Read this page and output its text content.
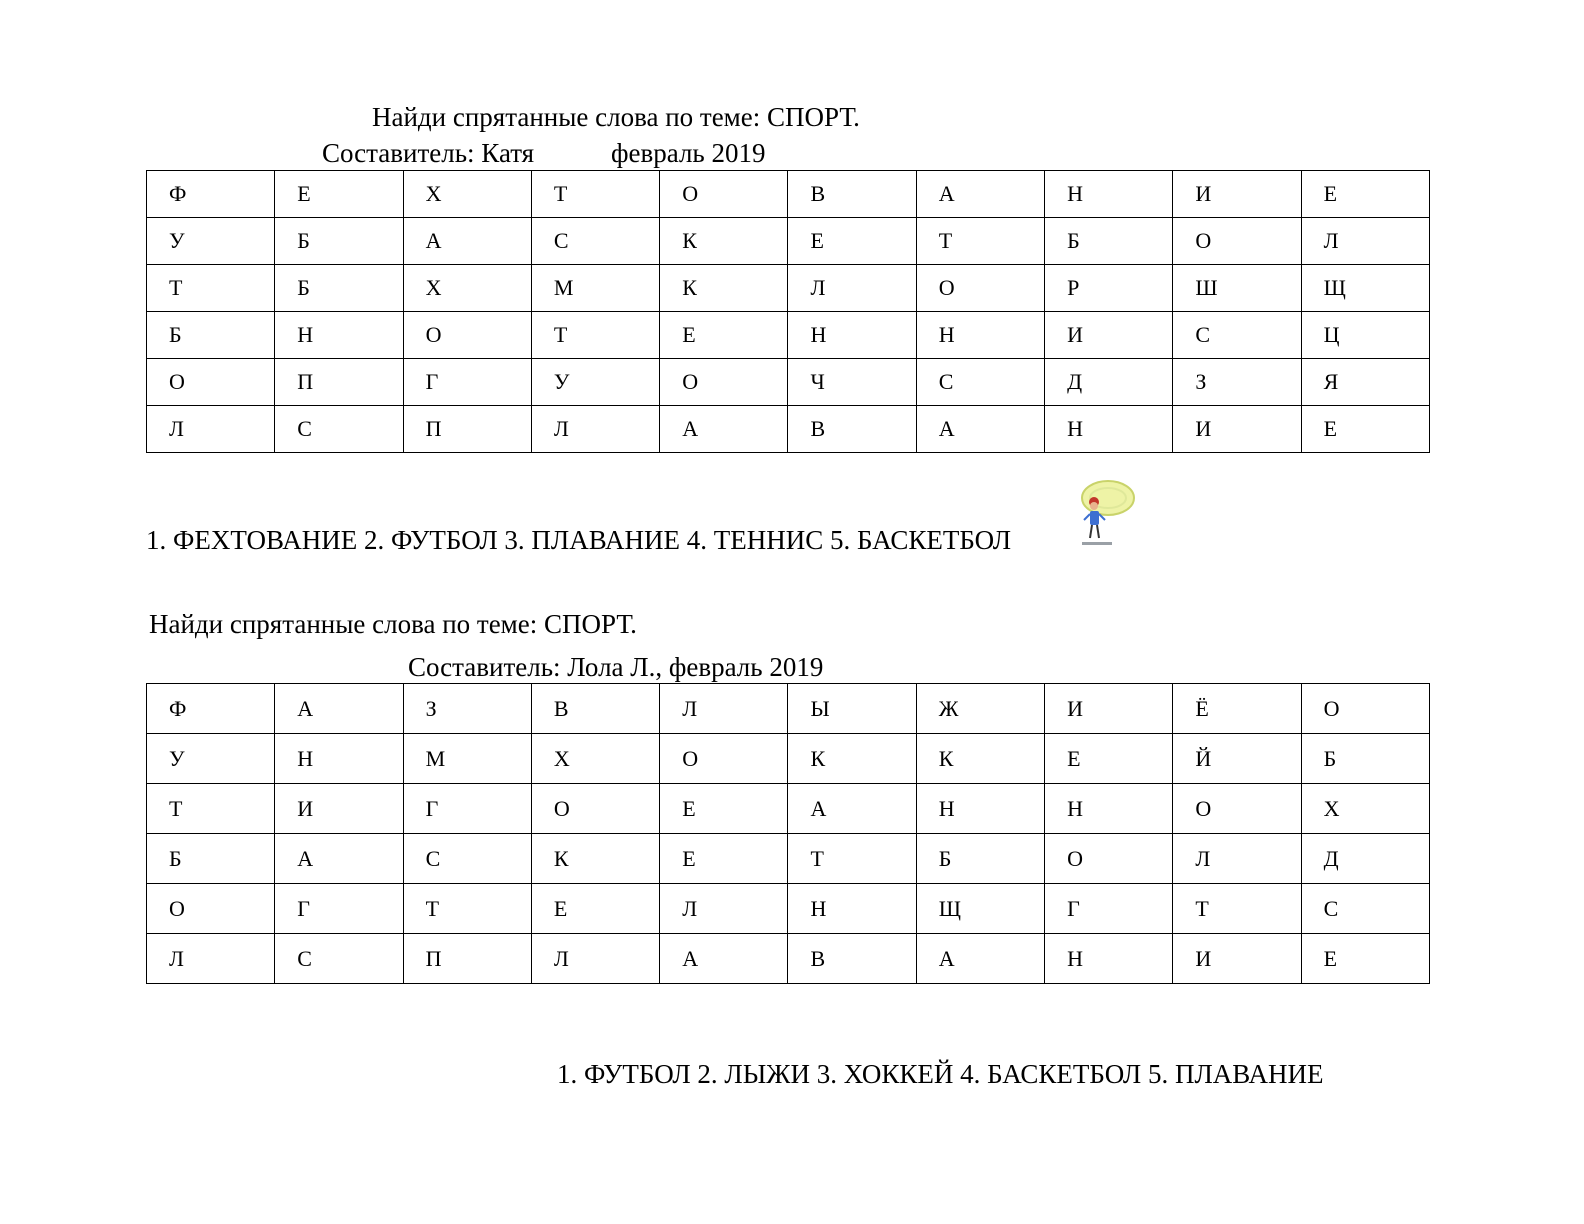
Найди спрятанные слова по теме: СПОРТ.
Составитель: Катя	февраль 2019
Ф	Е	Х	Т	О	В	А	Н	И	Е
У	Б	А	С	К	Е	Т	Б	О	Л
Т	Б	Х	М	К	Л	О	Р	Ш	Щ
Б	Н	О	Т	Е	Н	Н	И	С	Ц
О	П	Г	У	О	Ч	С	Д	З	Я
Л	С	П	Л	А	В	А	Н	И	Е
1. ФЕХТОВАНИЕ 2. ФУТБОЛ 3. ПЛАВАНИЕ 4. ТЕННИС 5. БАСКЕТБОЛ
Найди спрятанные слова по теме: СПОРТ.
Составитель: Лола Л., февраль 2019
Ф	А	З	В	Л	Ы	Ж	И	Ё	О
У	Н	М	Х	О	К	К	Е	Й	Б
Т	И	Г	О	Е	А	Н	Н	О	Х
Б	А	С	К	Е	Т	Б	О	Л	Д
О	Г	Т	Е	Л	Н	Щ	Г	Т	С
Л	С	П	Л	А	В	А	Н	И	Е
1. ФУТБОЛ 2. ЛЫЖИ 3. ХОККЕЙ 4. БАСКЕТБОЛ 5. ПЛАВАНИЕ
